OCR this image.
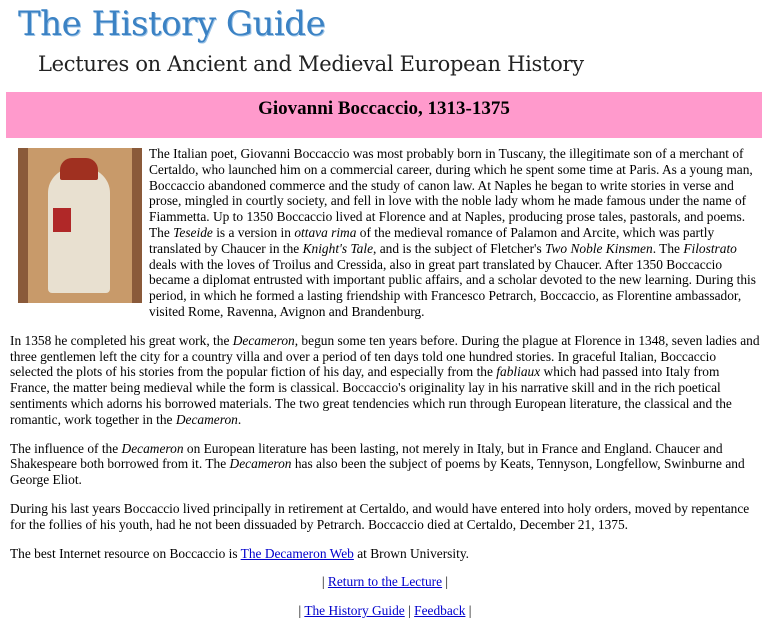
The History Guide
Lectures on Ancient and Medieval European History
Giovanni Boccaccio, 1313-1375

The Italian poet, Giovanni Boccaccio was most probably born in Tuscany, the illegitimate son of a merchant of Certaldo, who launched him on a commercial career, during which he spent some time at Paris. As a young man, Boccaccio abandoned commerce and the study of canon law. At Naples he began to write stories in verse and prose, mingled in courtly society, and fell in love with the noble lady whom he made famous under the name of Fiammetta. Up to 1350 Boccaccio lived at Florence and at Naples, producing prose tales, pastorals, and poems. The Teseide is a version in ottava rima of the medieval romance of Palamon and Arcite, which was partly translated by Chaucer in the Knight's Tale, and is the subject of Fletcher's Two Noble Kinsmen. The Filostrato deals with the loves of Troilus and Cressida, also in great part translated by Chaucer. After 1350 Boccaccio became a diplomat entrusted with important public affairs, and a scholar devoted to the new learning. During this period, in which he formed a lasting friendship with Francesco Petrarch, Boccaccio, as Florentine ambassador, visited Rome, Ravenna, Avignon and Brandenburg.

In 1358 he completed his great work, the Decameron, begun some ten years before. During the plague at Florence in 1348, seven ladies and three gentlemen left the city for a country villa and over a period of ten days told one hundred stories. In graceful Italian, Boccaccio selected the plots of his stories from the popular fiction of his day, and especially from the fabliaux which had passed into Italy from France, the matter being medieval while the form is classical. Boccaccio's originality lay in his narrative skill and in the rich poetical sentiments which adorns his borrowed materials. The two great tendencies which run through European literature, the classical and the romantic, work together in the Decameron.

The influence of the Decameron on European literature has been lasting, not merely in Italy, but in France and England. Chaucer and Shakespeare both borrowed from it. The Decameron has also been the subject of poems by Keats, Tennyson, Longfellow, Swinburne and George Eliot.

During his last years Boccaccio lived principally in retirement at Certaldo, and would have entered into holy orders, moved by repentance for the follies of his youth, had he not been dissuaded by Petrarch. Boccaccio died at Certaldo, December 21, 1375.

The best Internet resource on Boccaccio is The Decameron Web at Brown University.

| Return to the Lecture |

| The History Guide | Feedback |
